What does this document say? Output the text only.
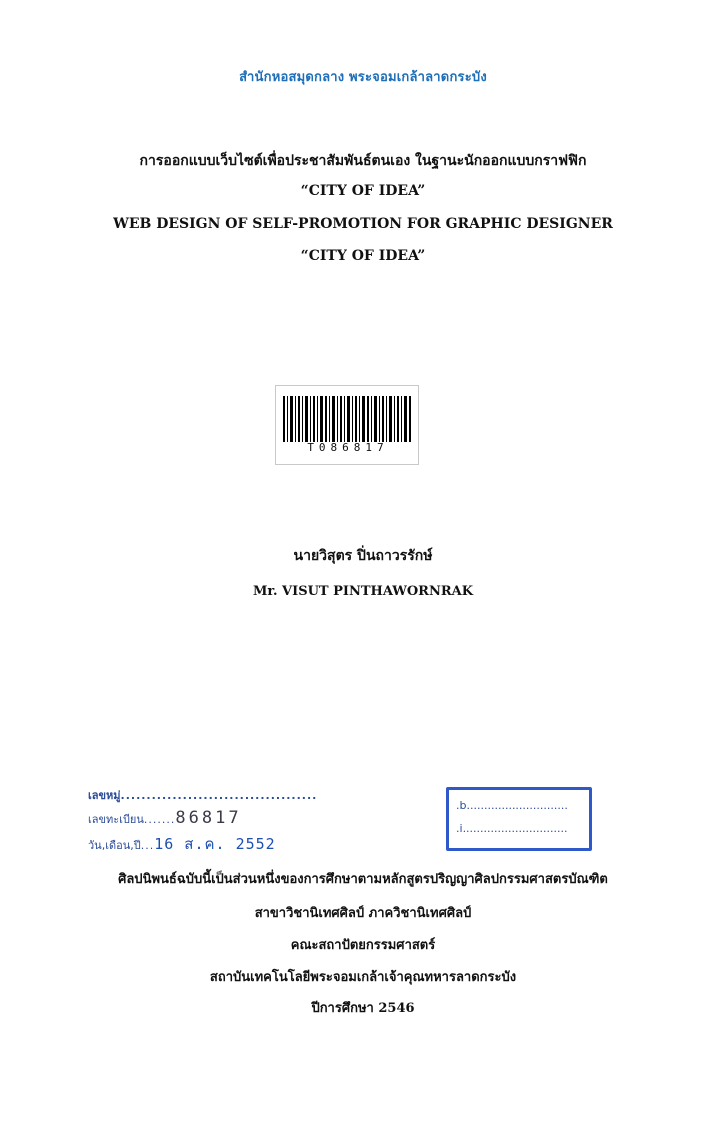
สำนักหอสมุดกลาง พระจอมเกล้าลาดกระบัง
การออกแบบเว็บไซต์เพื่อประชาสัมพันธ์ตนเอง ในฐานะนักออกแบบกราฟฟิก
“CITY OF IDEA”
WEB DESIGN OF SELF-PROMOTION FOR GRAPHIC DESIGNER
“CITY OF IDEA”
T086817
นายวิสุตร ปิ่นถาวรรักษ์
Mr. VISUT PINTHAWORNRAK
เลขหมู่......................................
เลขทะเบียน.......86817
วัน,เดือน,ปี...16 ส.ค. 2552
.b.............................
.i..............................
ศิลปนิพนธ์ฉบับนี้เป็นส่วนหนึ่งของการศึกษาตามหลักสูตรปริญญาศิลปกรรมศาสตรบัณฑิต
สาขาวิชานิเทศศิลป์ ภาควิชานิเทศศิลป์
คณะสถาปัตยกรรมศาสตร์
สถาบันเทคโนโลยีพระจอมเกล้าเจ้าคุณทหารลาดกระบัง
ปีการศึกษา 2546
